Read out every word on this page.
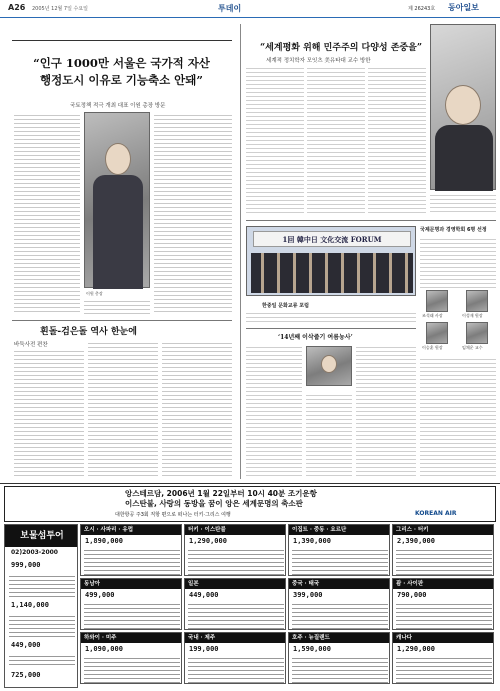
A26 2005년 12월 7일 수요일	투데이	제 26243호 동아일보
“인구 1000만 서울은 국가적 자산
행정도시 이유로 기능축소 안돼”
국토정책 적극 개최 대표 이원 총장 방문
이원 총장
흰돌-검은돌 역사 한눈에
바둑사전 편찬
“세계평화 위해 민주주의 다양성 존중을”
세계적 정치학자 모잇츠 美유타대 교수 방한
1回 韓中日 文化交流 FORUM
한중일 문화교류 포럼
국제문명과 경영학회 6명 선정
조석래 사장	이성재 원장
이승훈 원장	임채운 교수
‘14년째 이삭줍기 여름농사’
앙스테르담, 2006년 1월 22일부터 10시 40분 조기운항
이스탄불, 사랑의 동방을 꿈이 앙은 세계문명의 축소판
대한항공 주3회 직항 편으로 떠나는 터키·그리스 여행	KOREAN AIR
보물섬투어
02)2003-2000
999,000
1,140,000
449,000
725,000
오시 · 사파리 · 유럽
1,890,000
터키 · 이스탄불
1,290,000
이집트 · 중동 · 요르단
1,390,000
그리스 · 터키
2,390,000
동남아
499,000
일본
449,000
중국 · 태국
399,000
괌 · 사이판
790,000
하와이 · 미주
1,090,000
국내 · 제주
199,000
호주 · 뉴질랜드
1,590,000
캐나다
1,290,000
